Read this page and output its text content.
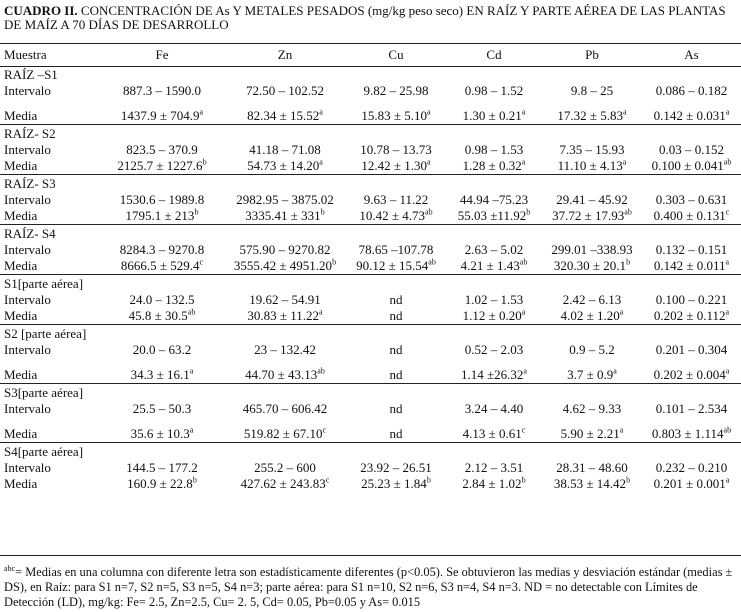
CUADRO II. CONCENTRACIÓN DE As Y METALES PESADOS (mg/kg peso seco) EN RAÍZ Y PARTE AÉREA DE LAS PLANTAS DE MAÍZ A 70 DÍAS DE DESARROLLO
Muestra	Fe	Zn	Cu	Cd	Pb	As
RAÍZ –S1						
Intervalo	887.3 – 1590.0	72.50 – 102.52	9.82 – 25.98	0.98 – 1.52	9.8 – 25	0.086 – 0.182

Media	1437.9 ± 704.9$^a$	82.34 ± 15.52$^a$	15.83 ± 5.10$^a$	1.30 ± 0.21$^a$	17.32 ± 5.83$^a$	0.142 ± 0.031$^a$
RAÍZ- S2						
Intervalo	823.5 – 370.9	41.18 – 71.08	10.78 – 13.73	0.98 – 1.53	7.35 – 15.93	0.03 – 0.152
Media	2125.7 ± 1227.6$^b$	54.73 ± 14.20$^a$	12.42 ± 1.30$^a$	1.28 ± 0.32$^a$	11.10 ± 4.13$^a$	0.100 ± 0.041$^{ab}$
RAÍZ- S3						
Intervalo	1530.6 – 1989.8	2982.95 – 3875.02	9.63 – 11.22	44.94 –75.23	29.41 – 45.92	0.303 – 0.631
Media	$1795.1 \pm 213^b$	$3335.41 \pm 331^b$	10.42 ± 4.73$^{ab}$	55.03 ±11.92$^b$	37.72 ± 17.93$^{ab}$	0.400 ± 0.131$^c$
RAÍZ- S4						
Intervalo	8284.3 – 9270.8	575.90 – 9270.82	78.65 –107.78	2.63 – 5.02	299.01 –338.93	0.132 – 0.151
Media	8666.5 ± 529.4$^c$	3555.42 ± 4951.20$^b$	90.12 ± 15.54$^{ab}$	4.21 ± 1.43$^{ab}$	320.30 ± 20.1$^b$	0.142 ± 0.011$^a$
S1[parte aérea]						
Intervalo	24.0 – 132.5	19.62 – 54.91	nd	1.02 – 1.53	2.42 – 6.13	0.100 – 0.221
Media	45.8 ± 30.5$^{ab}$	30.83 ± 11.22$^a$	nd	1.12 ± 0.20$^a$	4.02 ± 1.20$^a$	0.202 ± 0.112$^a$
S2 [parte aérea]						
Intervalo	20.0 – 63.2	23 – 132.42	nd	0.52 – 2.03	0.9 – 5.2	0.201 – 0.304

Media	34.3 ± 16.1$^a$	44.70 ± 43.13$^{ab}$	nd	1.14 ±26.32$^a$	3.7 ± 0.9$^a$	0.202 ± 0.004$^a$
S3[parte aérea]						
Intervalo	25.5 – 50.3	465.70 – 606.42	nd	3.24 – 4.40	4.62 – 9.33	0.101 – 2.534

Media	35.6 ± 10.3$^a$	519.82 ± 67.10$^c$	nd	4.13 ± 0.61$^c$	5.90 ± 2.21$^a$	0.803 ± 1.114$^{ab}$
S4[parte aérea]						
Intervalo	144.5 – 177.2	255.2 – 600	23.92 – 26.51	2.12 – 3.51	28.31 – 48.60	0.232 – 0.210
Media	160.9 ± 22.8$^b$	427.62 ± 243.83$^c$	25.23 ± 1.84$^b$	2.84 ± 1.02$^b$	38.53 ± 14.42$^b$	0.201 ± 0.001$^a$
$^{abc}$= Medias en una columna con diferente letra son estadísticamente diferentes (p<0.05). Se obtuvieron las medias y desviación estándar (medias ± DS), en Raíz: para S1 n=7, S2 n=5, S3 n=5, S4 n=3; parte aérea: para S1 n=10, S2 n=6, S3 n=4, S4 n=3. ND = no detectable con Límites de Detección (LD), mg/kg: Fe= 2.5, Zn=2.5, Cu= 2. 5, Cd= 0.05, Pb=0.05 y As= 0.015
